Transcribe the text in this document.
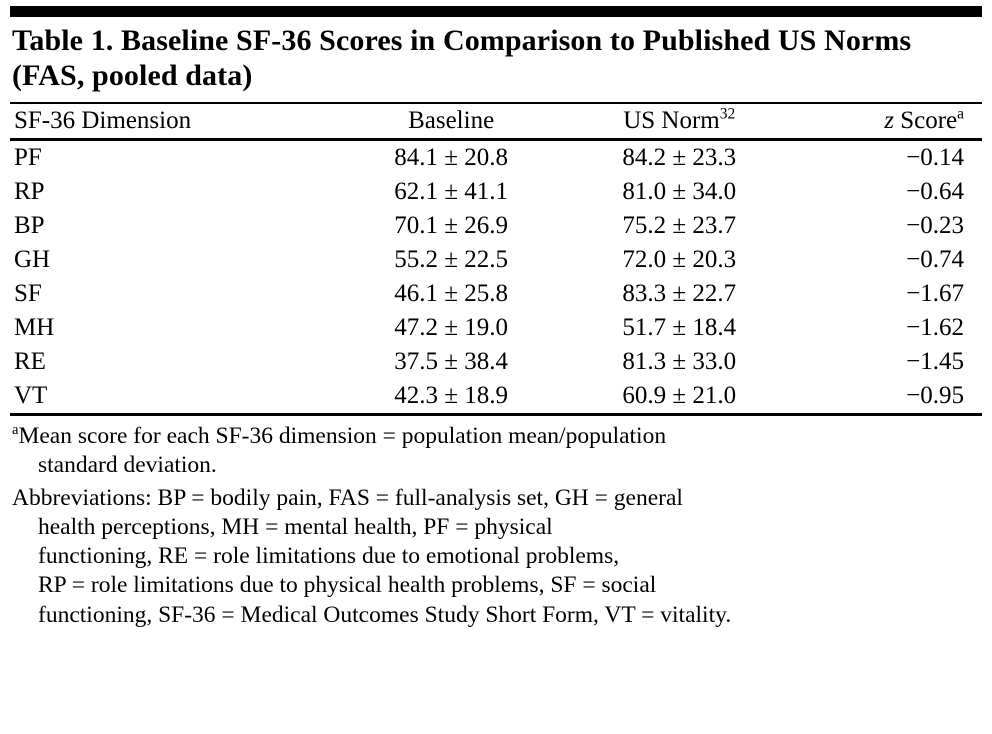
Table 1. Baseline SF-36 Scores in Comparison to Published US Norms (FAS, pooled data)
SF-36 Dimension	Baseline	US Norm$^{32}$	z Score$^a$
PF	84.1 ± 20.8	84.2 ± 23.3	−0.14
RP	62.1 ± 41.1	81.0 ± 34.0	−0.64
BP	70.1 ± 26.9	75.2 ± 23.7	−0.23
GH	55.2 ± 22.5	72.0 ± 20.3	−0.74
SF	46.1 ± 25.8	83.3 ± 22.7	−1.67
MH	47.2 ± 19.0	51.7 ± 18.4	−1.62
RE	37.5 ± 38.4	81.3 ± 33.0	−1.45
VT	42.3 ± 18.9	60.9 ± 21.0	−0.95
$^a$Mean score for each SF-36 dimension = population mean/population
standard deviation.
Abbreviations: BP = bodily pain, FAS = full-analysis set, GH = general
health perceptions, MH = mental health, PF = physical
functioning, RE = role limitations due to emotional problems,
RP = role limitations due to physical health problems, SF = social
functioning, SF-36 = Medical Outcomes Study Short Form, VT = vitality.
